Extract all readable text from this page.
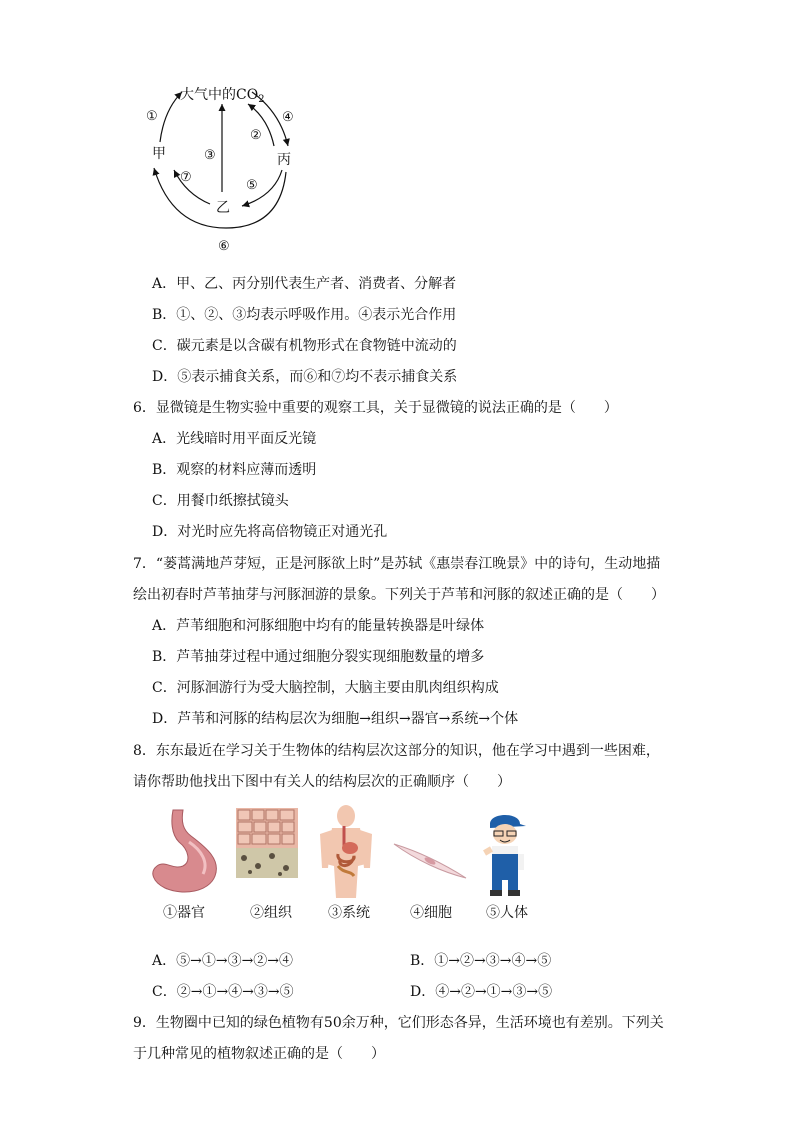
大气中的$CO_2$
甲	丙
乙
①
③
②
④
⑤
⑦
⑥
A．甲、乙、丙分别代表生产者、消费者、分解者
B．①、②、③均表示呼吸作用。④表示光合作用
C．碳元素是以含碳有机物形式在食物链中流动的
D．⑤表示捕食关系，而⑥和⑦均不表示捕食关系
6．显微镜是生物实验中重要的观察工具，关于显微镜的说法正确的是（　　）
A．光线暗时用平面反光镜
B．观察的材料应薄而透明
C．用餐巾纸擦拭镜头
D．对光时应先将高倍物镜正对通光孔
7．“蒌蒿满地芦芽短，正是河豚欲上时”是苏轼《惠崇春江晚景》中的诗句，生动地描
绘出初春时芦苇抽芽与河豚洄游的景象。下列关于芦苇和河豚的叙述正确的是（　　）
A．芦苇细胞和河豚细胞中均有的能量转换器是叶绿体
B．芦苇抽芽过程中通过细胞分裂实现细胞数量的增多
C．河豚洄游行为受大脑控制，大脑主要由肌肉组织构成
D．芦苇和河豚的结构层次为细胞→组织→器官→系统→个体
8．东东最近在学习关于生物体的结构层次这部分的知识，他在学习中遇到一些困难，
请你帮助他找出下图中有关人的结构层次的正确顺序（　　）
①器官	②组织	③系统	④细胞 ⑤人体
A．⑤→①→③→②→④	B．①→②→③→④→⑤
C．②→①→④→③→⑤	D．④→②→①→③→⑤
9．生物圈中已知的绿色植物有50余万种，它们形态各异，生活环境也有差别。下列关
于几种常见的植物叙述正确的是（　　）
